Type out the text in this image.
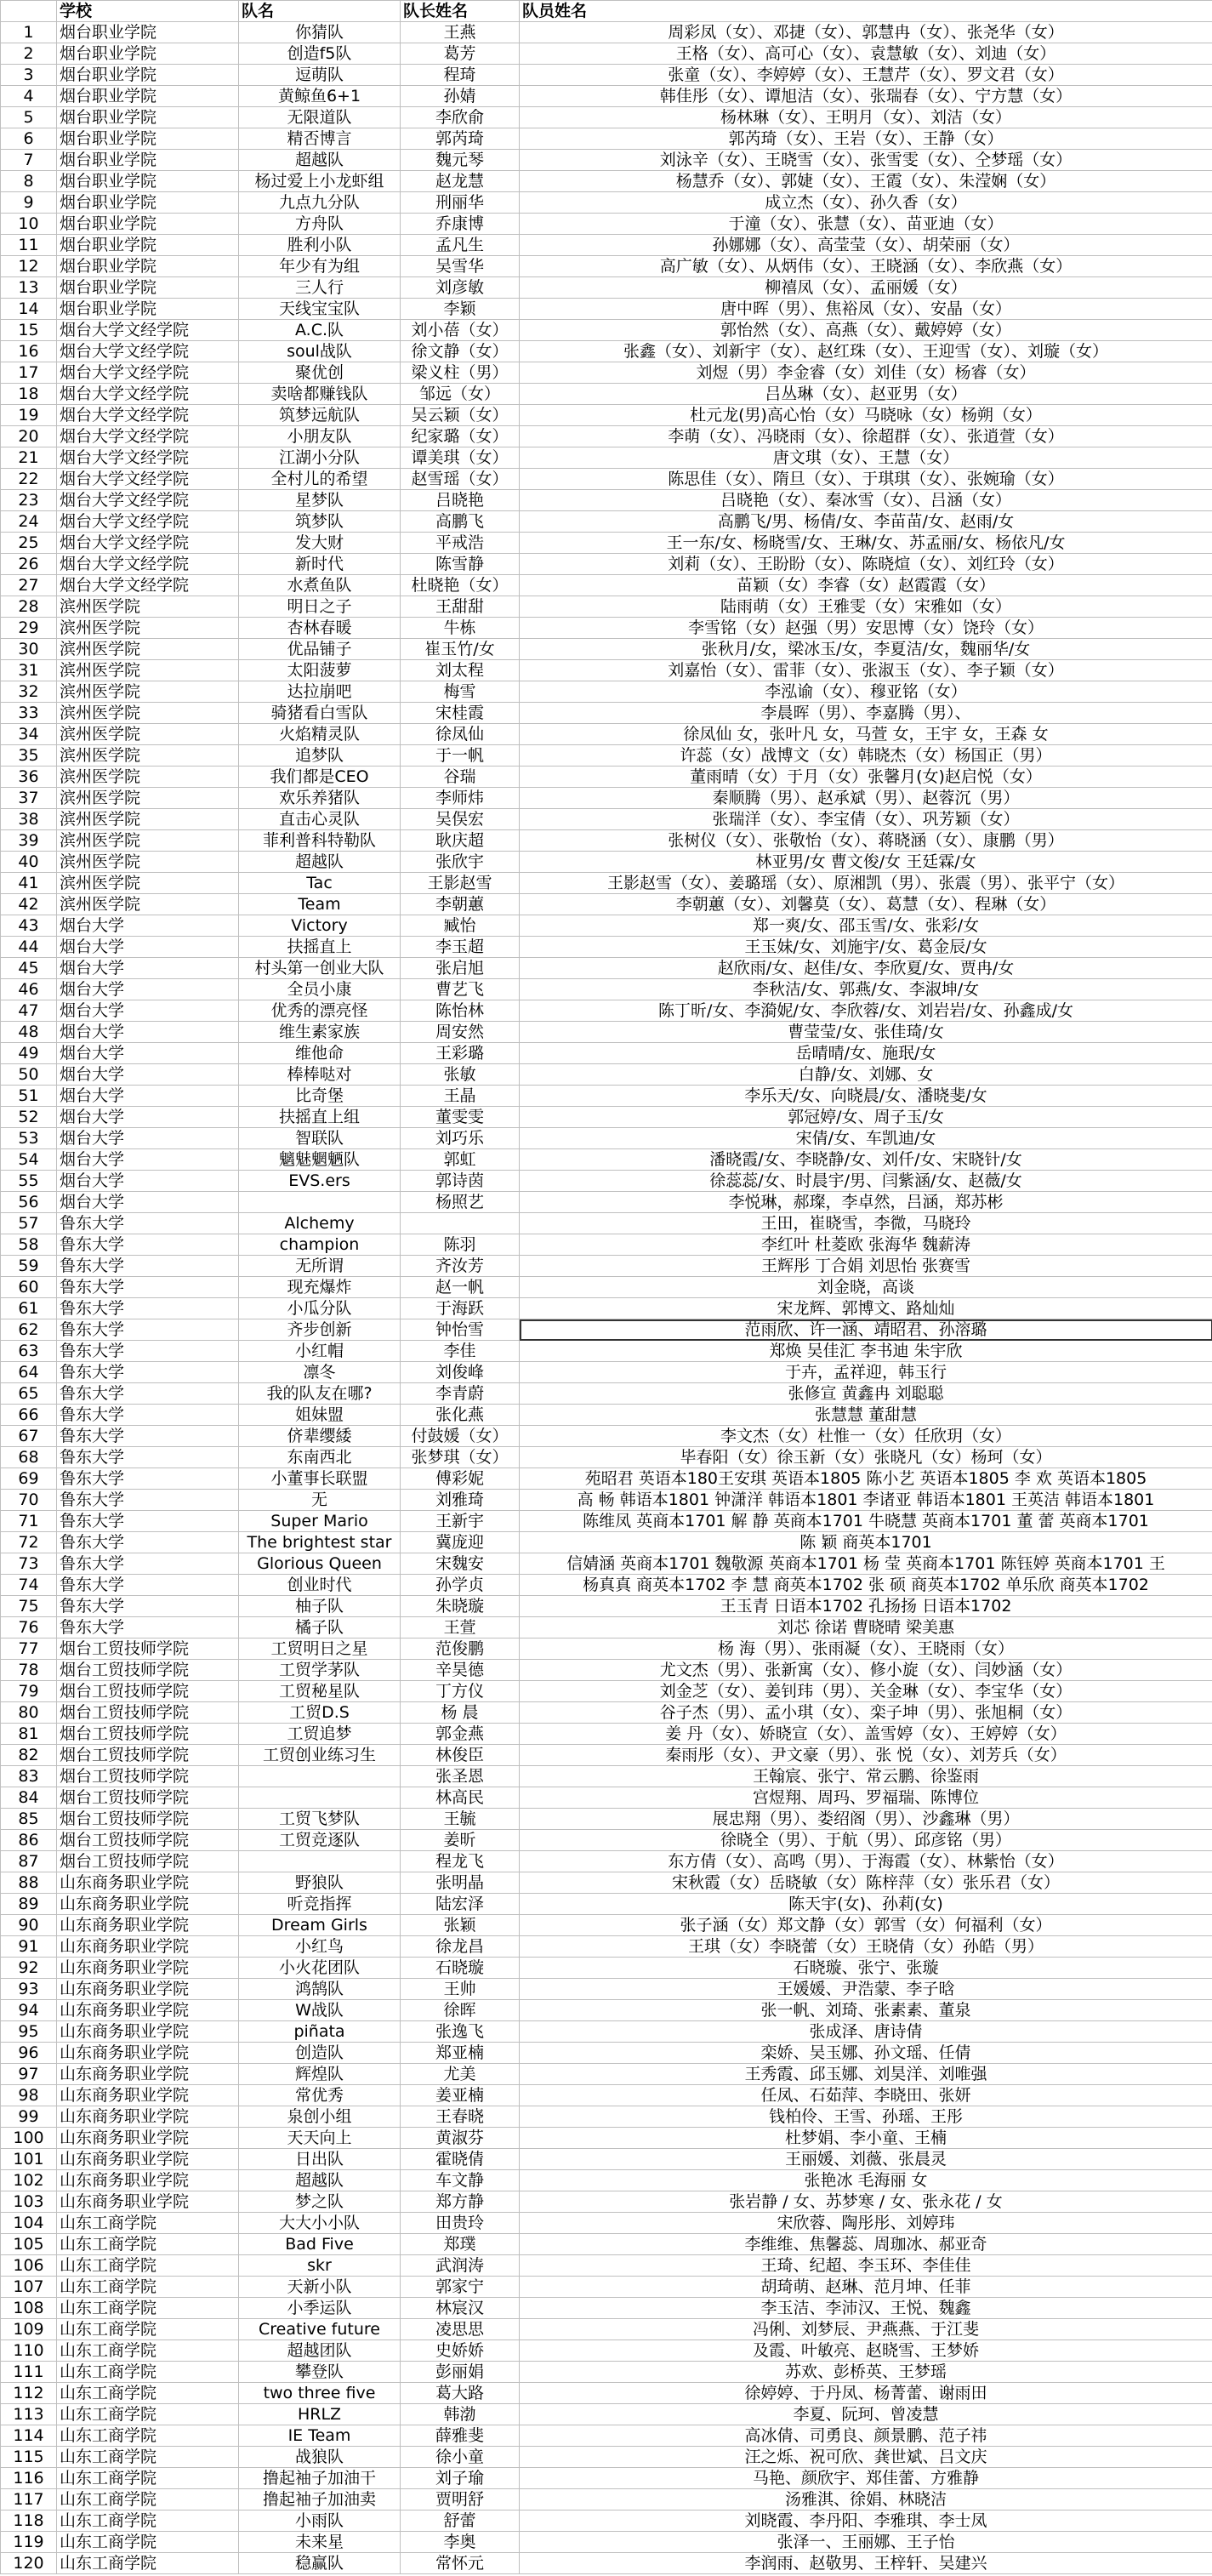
	学校	队名	队长姓名	队员姓名
1	烟台职业学院	你猜队	王燕	周彩凤（女）、邓捷（女）、郭慧冉（女）、张尧华（女）
2	烟台职业学院	创造f5队	葛芳	王格（女）、高可心（女）、袁慧敏（女）、刘迪（女）
3	烟台职业学院	逗萌队	程琦	张童（女）、李婷婷（女）、王慧芹（女）、罗文君（女）
4	烟台职业学院	黄鲸鱼6+1	孙婧	韩佳彤（女）、谭旭洁（女）、张瑞春（女）、宁方慧（女）
5	烟台职业学院	无限道队	李欣俞	杨林琳（女）、王明月（女）、刘洁（女）
6	烟台职业学院	精否博言	郭芮琦	郭芮琦（女）、王岩（女）、王静（女）
7	烟台职业学院	超越队	魏元琴	刘泳辛（女）、王晓雪（女）、张雪雯（女）、仝梦瑶（女）
8	烟台职业学院	杨过爱上小龙虾组	赵龙慧	杨慧乔（女）、郭婕（女）、王霞（女）、朱滢娴（女）
9	烟台职业学院	九点九分队	刑丽华	成立杰（女）、孙久香（女）
10	烟台职业学院	方舟队	乔康博	于潼（女）、张慧（女）、苗亚迪（女）
11	烟台职业学院	胜利小队	孟凡生	孙娜娜（女）、高莹莹（女）、胡荣丽（女）
12	烟台职业学院	年少有为组	吴雪华	高广敏（女）、从炳伟（女）、王晓涵（女）、李欣燕（女）
13	烟台职业学院	三人行	刘彦敏	柳禧凤（女）、孟丽媛（女）
14	烟台职业学院	天线宝宝队	李颖	唐中晖（男）、焦裕凤（女）、安晶（女）
15	烟台大学文经学院	A.C.队	刘小蓓（女）	郭怡然（女）、高燕（女）、戴婷婷（女）
16	烟台大学文经学院	soul战队	徐文静（女）	张鑫（女）、刘新宇（女）、赵红珠（女）、王迎雪（女）、刘璇（女）
17	烟台大学文经学院	聚优创	梁义柱（男）	刘煜（男）李金睿（女）刘佳（女）杨睿（女）
18	烟台大学文经学院	卖啥都赚钱队	邹远（女）	吕丛琳（女）、赵亚男（女）
19	烟台大学文经学院	筑梦远航队	吴云颖（女）	杜元龙(男)高心怡（女）马晓咏（女）杨朔（女）
20	烟台大学文经学院	小朋友队	纪家璐（女）	李萌（女）、冯晓雨（女）、徐超群（女）、张逍萱（女）
21	烟台大学文经学院	江湖小分队	谭美琪（女）	唐文琪（女）、王慧（女）
22	烟台大学文经学院	全村儿的希望	赵雪瑶（女）	陈思佳（女）、隋旦（女）、于琪琪（女）、张婉瑜（女）
23	烟台大学文经学院	星梦队	吕晓艳	吕晓艳（女）、秦冰雪（女）、吕涵（女）
24	烟台大学文经学院	筑梦队	高鹏飞	高鹏飞/男、杨倩/女、李苗苗/女、赵雨/女
25	烟台大学文经学院	发大财	平戒浩	王一东/女、杨晓雪/女、王琳/女、苏孟丽/女、杨依凡/女
26	烟台大学文经学院	新时代	陈雪静	刘莉（女）、王盼盼（女）、陈晓煊（女）、刘红玲（女）
27	烟台大学文经学院	水煮鱼队	杜晓艳（女）	苗颖（女）李睿（女）赵霞霞（女）
28	滨州医学院	明日之子	王甜甜	陆雨萌（女）王雅雯（女）宋雅如（女）
29	滨州医学院	杏林春暖	牛栋	李雪铭（女）赵强（男）安思博（女）饶玲（女）
30	滨州医学院	优品铺子	崔玉竹/女	张秋月/女，梁冰玉/女，李夏洁/女，魏丽华/女
31	滨州医学院	太阳菠萝	刘太程	刘嘉怡（女）、雷菲（女）、张淑玉（女）、李子颖（女）
32	滨州医学院	达拉崩吧	梅雪	李泓谕（女）、穆亚铭（女）
33	滨州医学院	骑猪看白雪队	宋桂霞	李晨晖（男）、李嘉腾（男）、
34	滨州医学院	火焰精灵队	徐凤仙	徐凤仙 女，张叶凡 女，马萱 女，王宇 女，王森 女
35	滨州医学院	追梦队	于一帆	许蕊（女）战博文（女）韩晓杰（女）杨国正（男）
36	滨州医学院	我们都是CEO	谷瑞	董雨晴（女）于月（女）张馨月(女)赵启悦（女）
37	滨州医学院	欢乐养猪队	李师炜	秦顺腾（男）、赵承斌（男）、赵蓉沉（男）
38	滨州医学院	直击心灵队	吴俣宏	张瑞洋（女）、李宝倩（女）、巩芳颖（女）
39	滨州医学院	菲利普科特勒队	耿庆超	张树仪（女）、张敬怡（女）、蒋晓涵（女）、康鹏（男）
40	滨州医学院	超越队	张欣宇	林亚男/女 曹文俊/女 王廷霖/女
41	滨州医学院	Tac	王影赵雪	王影赵雪（女）、姜璐瑶（女）、原湘凯（男）、张震（男）、张平宁（女）
42	滨州医学院	Team	李朝蕙	李朝蕙（女）、刘馨莫（女）、葛慧（女）、程琳（女）
43	烟台大学	Victory	臧怡	郑一爽/女、邵玉雪/女、张彩/女
44	烟台大学	扶摇直上	李玉超	王玉妹/女、刘施宇/女、葛金辰/女
45	烟台大学	村头第一创业大队	张启旭	赵欣雨/女、赵佳/女、李欣夏/女、贾冉/女
46	烟台大学	全员小康	曹艺飞	李秋洁/女、郭燕/女、李淑坤/女
47	烟台大学	优秀的漂亮怪	陈怡林	陈丁昕/女、李漪妮/女、李欣蓉/女、刘岩岩/女、孙鑫成/女
48	烟台大学	维生素家族	周安然	曹莹莹/女、张佳琦/女
49	烟台大学	维他命	王彩璐	岳晴晴/女、施珉/女
50	烟台大学	棒棒哒对	张敏	白静/女、刘娜、女
51	烟台大学	比奇堡	王晶	李乐天/女、向晓晨/女、潘晓斐/女
52	烟台大学	扶摇直上组	董雯雯	郭冠婷/女、周子玉/女
53	烟台大学	智联队	刘巧乐	宋倩/女、车凯迪/女
54	烟台大学	魑魅魍魉队	郭虹	潘晓霞/女、李晓静/女、刘仟/女、宋晓针/女
55	烟台大学	EVS.ers	郭诗茵	徐蕊蕊/女、时晨宇/男、闫紫涵/女、赵薇/女
56	烟台大学		杨照艺	李悦琳，郝璨，李卓然，吕涵，郑苏彬
57	鲁东大学	Alchemy		王田，崔晓雪，李微，马晓玲
58	鲁东大学	champion	陈羽	李红叶 杜菱欧 张海华 魏薪涛
59	鲁东大学	无所谓	齐汝芳	王辉彤 丁合娟 刘思怡 张赛雪
60	鲁东大学	现充爆炸	赵一帆	刘金晓，高谈
61	鲁东大学	小瓜分队	于海跃	宋龙辉、郭博文、路灿灿
62	鲁东大学	齐步创新	钟怡雪	范雨欣、许一涵、靖昭君、孙溶璐
63	鲁东大学	小红帽	李佳	郑焕 吴佳汇 李书迪 朱宇欣
64	鲁东大学	凛冬	刘俊峰	于卉，孟祥迎，韩玉行
65	鲁东大学	我的队友在哪?	李青蔚	张修宣 黄鑫冉 刘聪聪
66	鲁东大学	姐妹盟	张化燕	张慧慧 董甜慧
67	鲁东大学	侪辈缨緌	付鼓媛（女）	李文杰（女）杜惟一（女）任欣玥（女）
68	鲁东大学	东南西北	张梦琪（女）	毕春阳（女）徐玉新（女）张晓凡（女）杨珂（女）
69	鲁东大学	小董事长联盟	傅彩妮	苑昭君 英语本180王安琪 英语本1805 陈小艺 英语本1805 李 欢 英语本1805
70	鲁东大学	无	刘雅琦	高 畅 韩语本1801 钟潇洋 韩语本1801 李诸亚 韩语本1801 王英洁 韩语本1801
71	鲁东大学	Super Mario	王新宇	陈维凤 英商本1701 解 静 英商本1701 牛晓慧 英商本1701 董 蕾 英商本1701
72	鲁东大学	The brightest star	冀庞迎	陈 颖 商英本1701
73	鲁东大学	Glorious Queen	宋魏安	信婧涵 英商本1701 魏敬源 英商本1701 杨 莹 英商本1701 陈钰婷 英商本1701 王
74	鲁东大学	创业时代	孙学贞	杨真真 商英本1702 李 慧 商英本1702 张 硕 商英本1702 单乐欣 商英本1702
75	鲁东大学	柚子队	朱晓璇	王玉青 日语本1702 孔扬扬 日语本1702
76	鲁东大学	橘子队	王萱	刘芯 徐诺 曹晓晴 梁美惠
77	烟台工贸技师学院	工贸明日之星	范俊鹏	杨 海（男）、张雨凝（女）、王晓雨（女）
78	烟台工贸技师学院	工贸学茅队	辛昊德	尤文杰（男）、张新寓（女）、修小旋（女）、闫妙涵（女）
79	烟台工贸技师学院	工贸秘星队	丁方仪	刘金芝（女）、姜钊玮（男）、关金琳（女）、李宝华（女）
80	烟台工贸技师学院	工贸D.S	杨 晨	谷子杰（男）、孟小琪（女）、栾子坤（男）、张旭桐（女）
81	烟台工贸技师学院	工贸追梦	郭金燕	姜 丹（女）、娇晓宣（女）、盖雪婷（女）、王婷婷（女）
82	烟台工贸技师学院	工贸创业练习生	林俊臣	秦雨彤（女）、尹文豪（男）、张 悦（女）、刘芳兵（女）
83	烟台工贸技师学院		张圣恩	王翰宸、张宁、常云鹏、徐鉴雨
84	烟台工贸技师学院		林高民	宫煜翔、周玛、罗福瑞、陈博位
85	烟台工贸技师学院	工贸飞梦队	王毓	展忠翔（男）、娄绍阁（男）、沙鑫琳（男）
86	烟台工贸技师学院	工贸竞逐队	姜昕	徐晓全（男）、于航（男）、邱彦铭（男）
87	烟台工贸技师学院		程龙飞	东方倩（女）、高鸣（男）、于海霞（女）、林紫怡（女）
88	山东商务职业学院	野狼队	张明晶	宋秋霞（女）岳晓敏（女）陈梓萍（女）张乐君（女）
89	山东商务职业学院	听竞指挥	陆宏泽	陈天宇(女)、孙莉(女)
90	山东商务职业学院	Dream Girls	张颖	张子涵（女）郑文静（女）郭雪（女）何福利（女）
91	山东商务职业学院	小红鸟	徐龙昌	王琪（女）李晓蕾（女）王晓倩（女）孙皓（男）
92	山东商务职业学院	小火花团队	石晓璇	石晓璇、张宁、张璇
93	山东商务职业学院	鸿鹄队	王帅	王媛媛、尹浩蒙、李子晗
94	山东商务职业学院	W战队	徐晖	张一帆、刘琦、张素素、董泉
95	山东商务职业学院	piñata	张逸飞	张成泽、唐诗倩
96	山东商务职业学院	创造队	郑亚楠	栾娇、吴玉娜、孙文瑶、任倩
97	山东商务职业学院	辉煌队	尤美	王秀霞、邱玉娜、刘昊洋、刘唯强
98	山东商务职业学院	常优秀	姜亚楠	任凤、石茹萍、李晓田、张妍
99	山东商务职业学院	泉创小组	王春晓	钱柏伶、王雪、孙瑶、王彤
100	山东商务职业学院	天天向上	黄淑芬	杜梦娟、李小童、王楠
101	山东商务职业学院	日出队	霍晓倩	王丽媛、刘薇、张晨灵
102	山东商务职业学院	超越队	车文静	张艳冰 毛海丽 女
103	山东商务职业学院	梦之队	郑方静	张岩静 / 女、苏梦寒 / 女、张永花 / 女
104	山东工商学院	大大小小队	田贵玲	宋欣蓉、陶彤彤、刘婷玮
105	山东工商学院	Bad Five	郑璞	李维维、焦馨蕊、周珈冰、郝亚奇
106	山东工商学院	skr	武润涛	王琦、纪超、李玉环、李佳佳
107	山东工商学院	天新小队	郭家宁	胡琦萌、赵琳、范月坤、任菲
108	山东工商学院	小季运队	林宸汉	李玉洁、李沛汉、王悦、魏鑫
109	山东工商学院	Creative future	凌思思	冯俐、刘梦辰、尹燕燕、于江斐
110	山东工商学院	超越团队	史娇娇	及霞、叶敏亮、赵晓雪、王梦娇
111	山东工商学院	攀登队	彭丽娟	苏欢、彭桥英、王梦瑶
112	山东工商学院	two three five	葛大路	徐婷婷、于丹凤、杨菁蕾、谢雨田
113	山东工商学院	HRLZ	韩渤	李夏、阮珂、曾凌慧
114	山东工商学院	IE Team	薛雅斐	高冰倩、司勇良、颜景鹏、范子祎
115	山东工商学院	战狼队	徐小童	汪之烁、祝可欣、龚世斌、吕文庆
116	山东工商学院	撸起袖子加油干	刘子瑜	马艳、颜欣宇、郑佳蕾、方雅静
117	山东工商学院	撸起袖子加油卖	贾明舒	汤雅淇、徐娟、林晓洁
118	山东工商学院	小雨队	舒蕾	刘晓霞、李丹阳、李雅琪、李士凤
119	山东工商学院	未来星	李奥	张泽一、王丽娜、王子怡
120	山东工商学院	稳赢队	常怀元	李润雨、赵敬男、王梓轩、吴建兴
